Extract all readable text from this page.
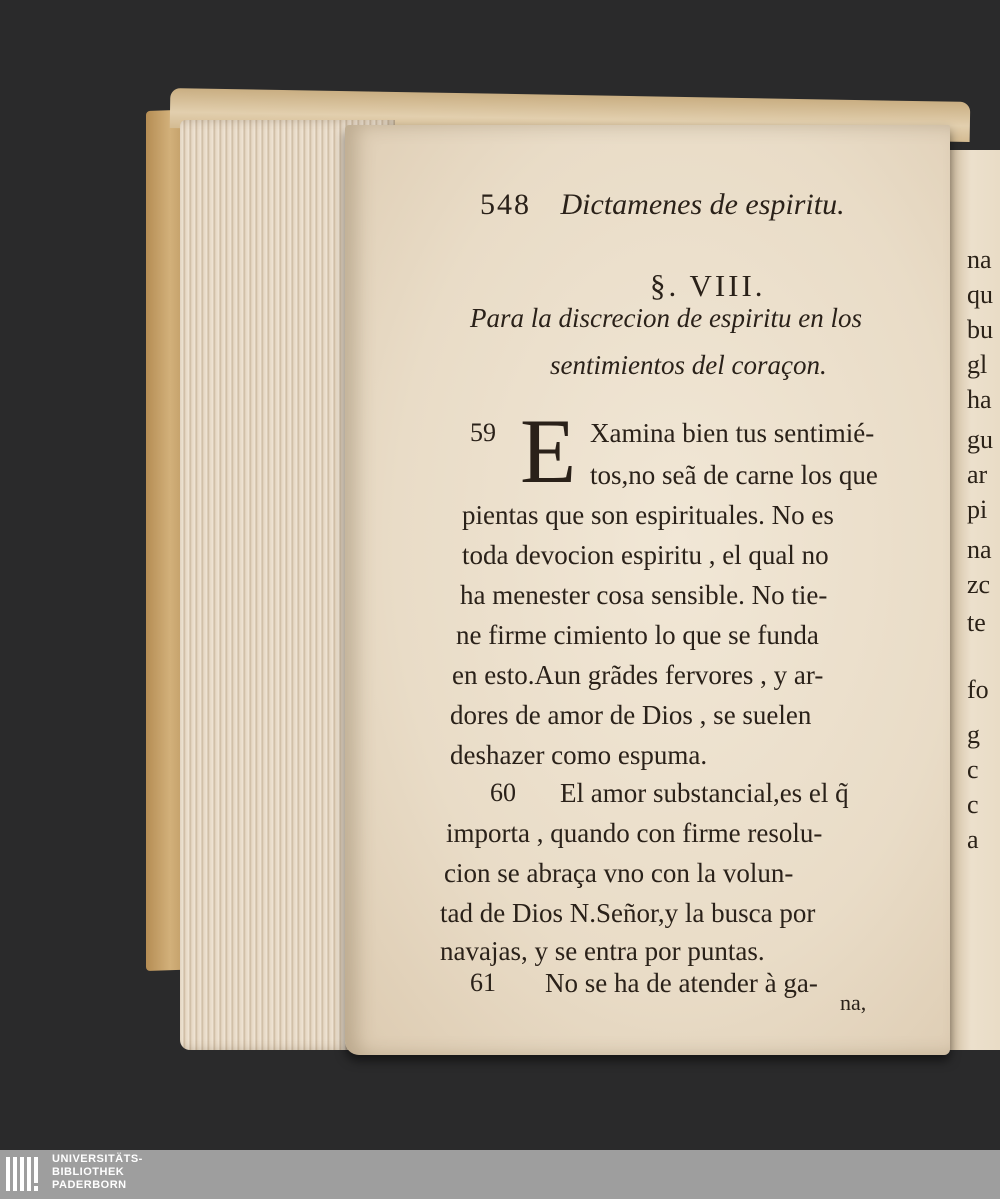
na
qu
bu
gl
ha
gu
ar
pi
na
zc
te
fo
g
c
c
a
548 Dictamenes de espiritu.
§. VIII.
Para la discrecion de espiritu en los
sentimientos del coraçon.
59 E Xamina bien tus sentimié-
tos,no seã de carne los que
pientas que son espirituales. No es
toda devocion espiritu , el qual no
ha menester cosa sensible. No tie-
ne firme cimiento lo que se funda
en esto.Aun grãdes fervores , y ar-
dores de amor de Dios , se suelen
deshazer como espuma.
60 El amor substancial,es el q̃
importa , quando con firme resolu-
cion se abraça vno con la volun-
tad de Dios N.Señor,y la busca por
navajas, y se entra por puntas.
61 No se ha de atender à ga-
na,
UNIVERSITÄTS-
BIBLIOTHEK
PADERBORN
